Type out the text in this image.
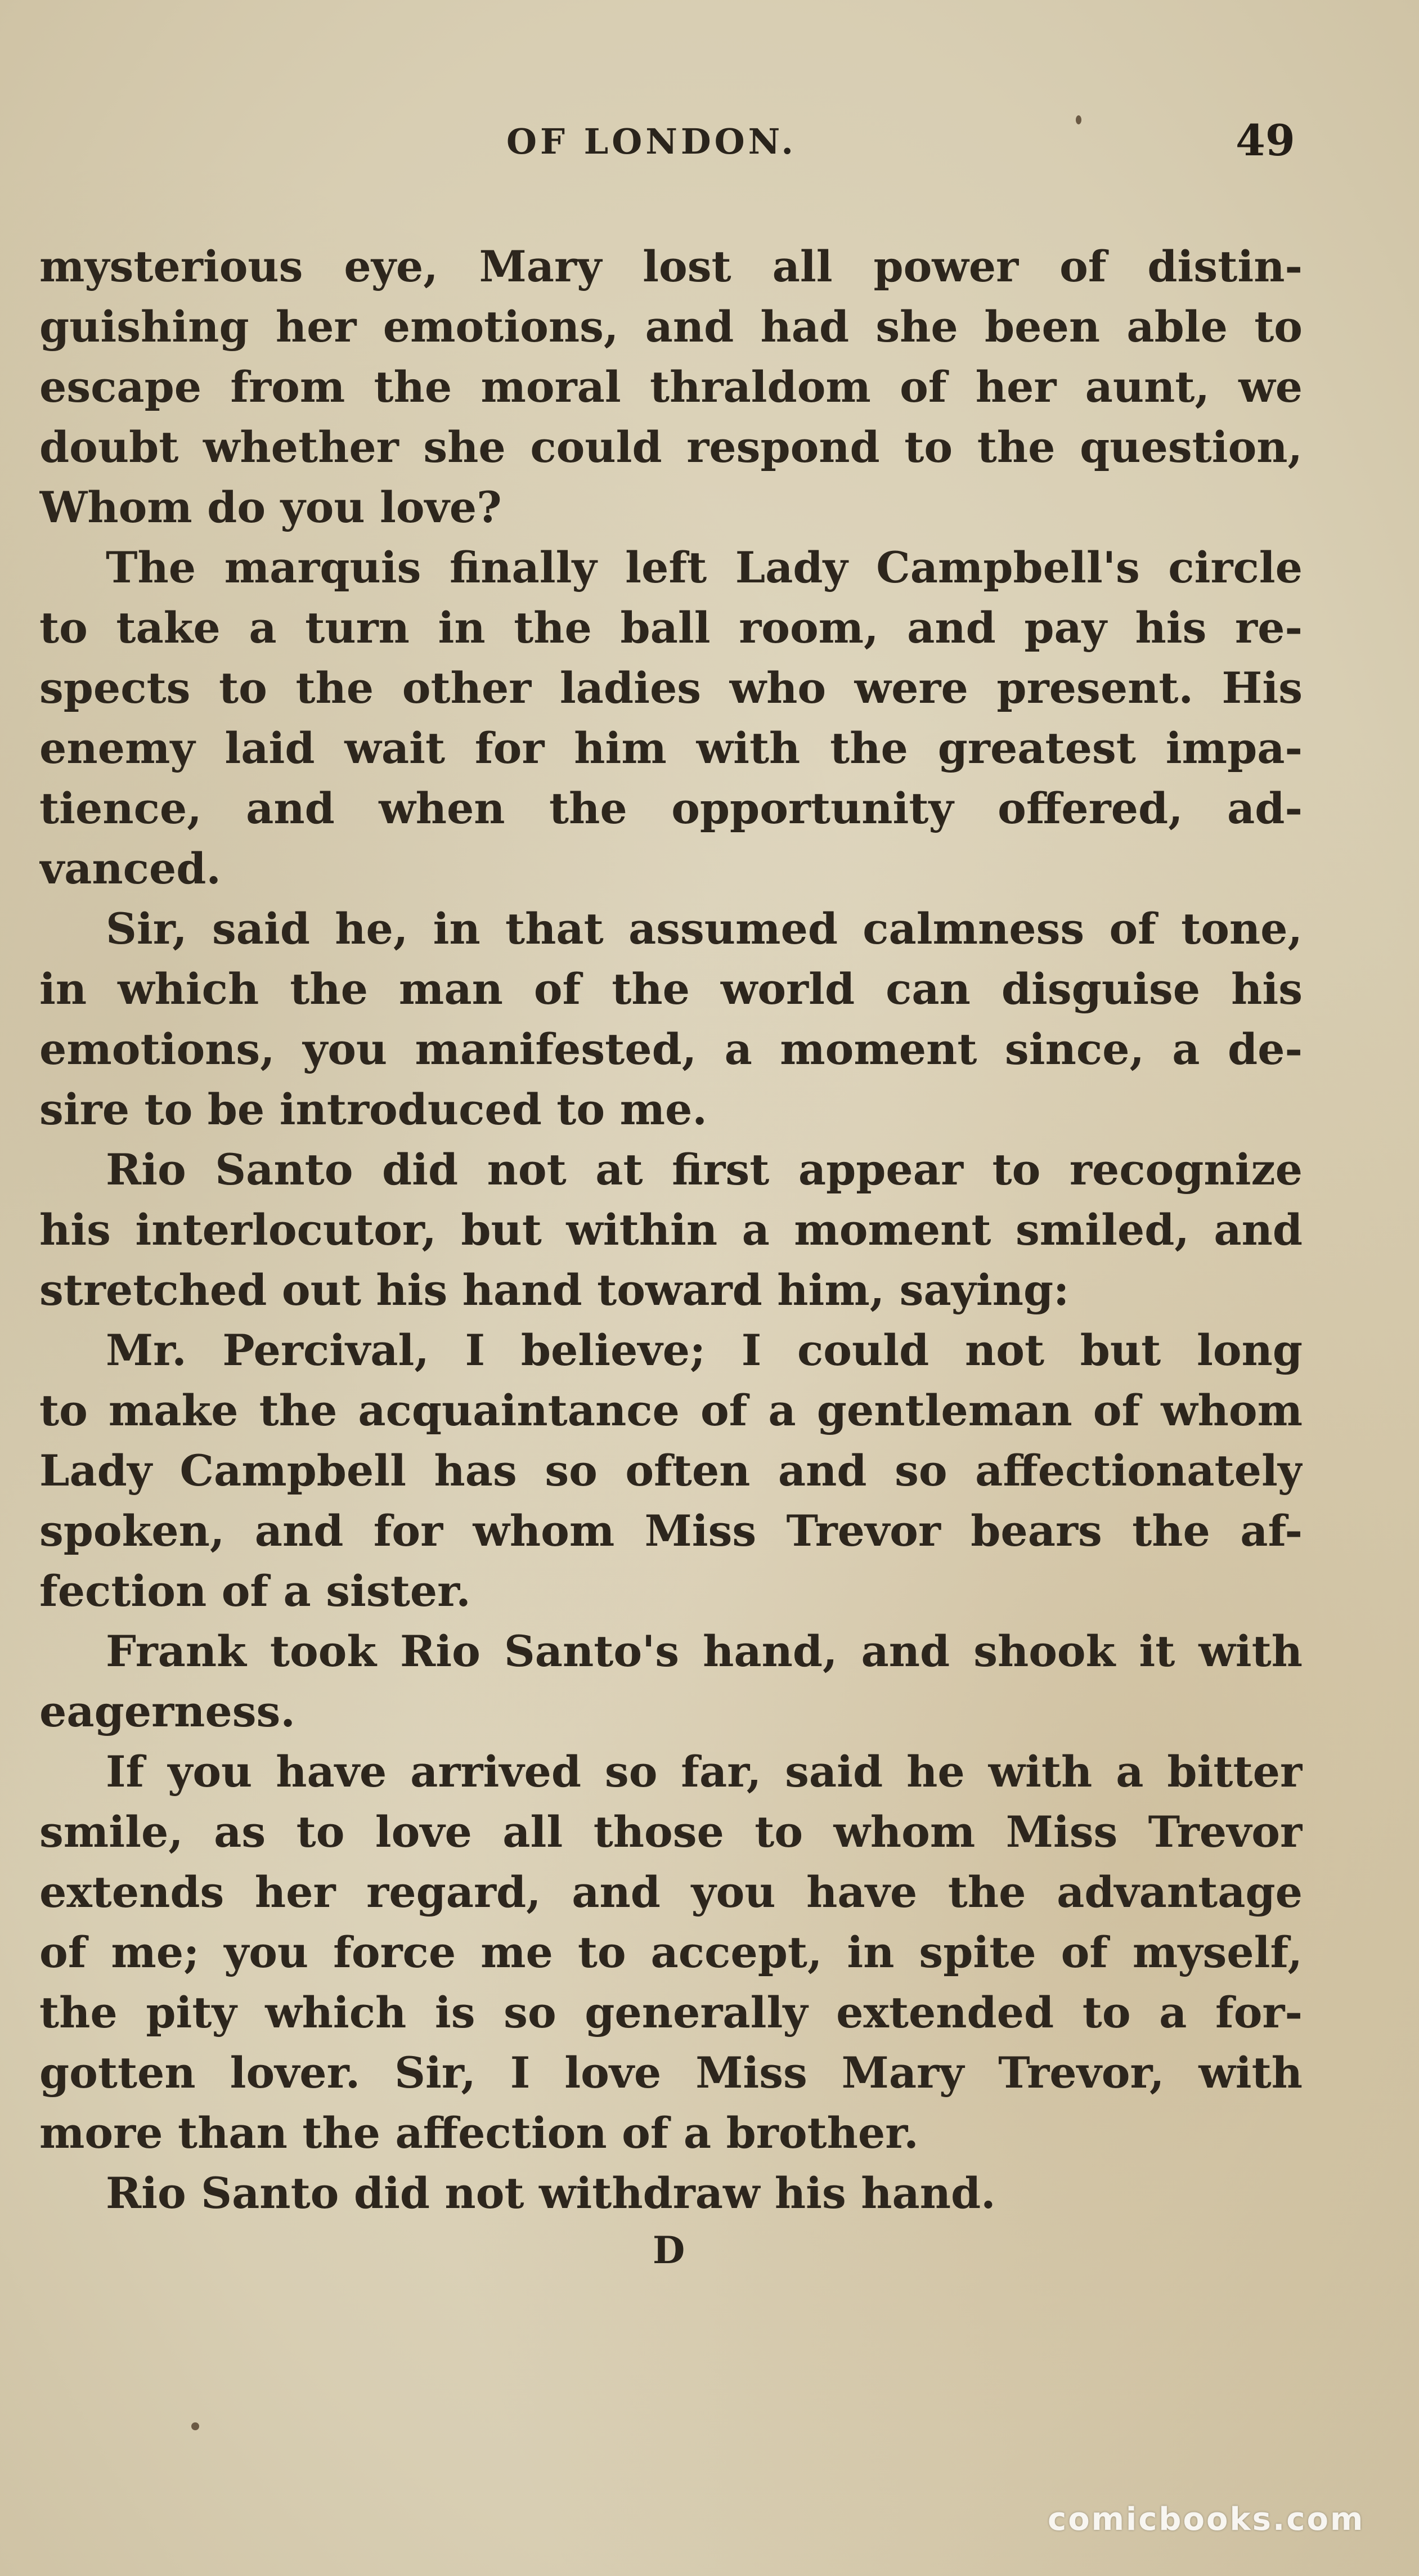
OF LONDON.	49
mysterious eye, Mary lost all power of distin-
guishing her emotions, and had she been able to
escape from the moral thraldom of her aunt, we
doubt whether she could respond to the question,
Whom do you love?
The marquis finally left Lady Campbell's circle
to take a turn in the ball room, and pay his re-
spects to the other ladies who were present. His
enemy laid wait for him with the greatest impa-
tience, and when the opportunity offered, ad-
vanced.
Sir, said he, in that assumed calmness of tone,
in which the man of the world can disguise his
emotions, you manifested, a moment since, a de-
sire to be introduced to me.
Rio Santo did not at first appear to recognize
his interlocutor, but within a moment smiled, and
stretched out his hand toward him, saying:
Mr. Percival, I believe; I could not but long
to make the acquaintance of a gentleman of whom
Lady Campbell has so often and so affectionately
spoken, and for whom Miss Trevor bears the af-
fection of a sister.
Frank took Rio Santo's hand, and shook it with
eagerness.
If you have arrived so far, said he with a bitter
smile, as to love all those to whom Miss Trevor
extends her regard, and you have the advantage
of me; you force me to accept, in spite of myself,
the pity which is so generally extended to a for-
gotten lover. Sir, I love Miss Mary Trevor, with
more than the affection of a brother.
Rio Santo did not withdraw his hand.
D
comicbooks.com
